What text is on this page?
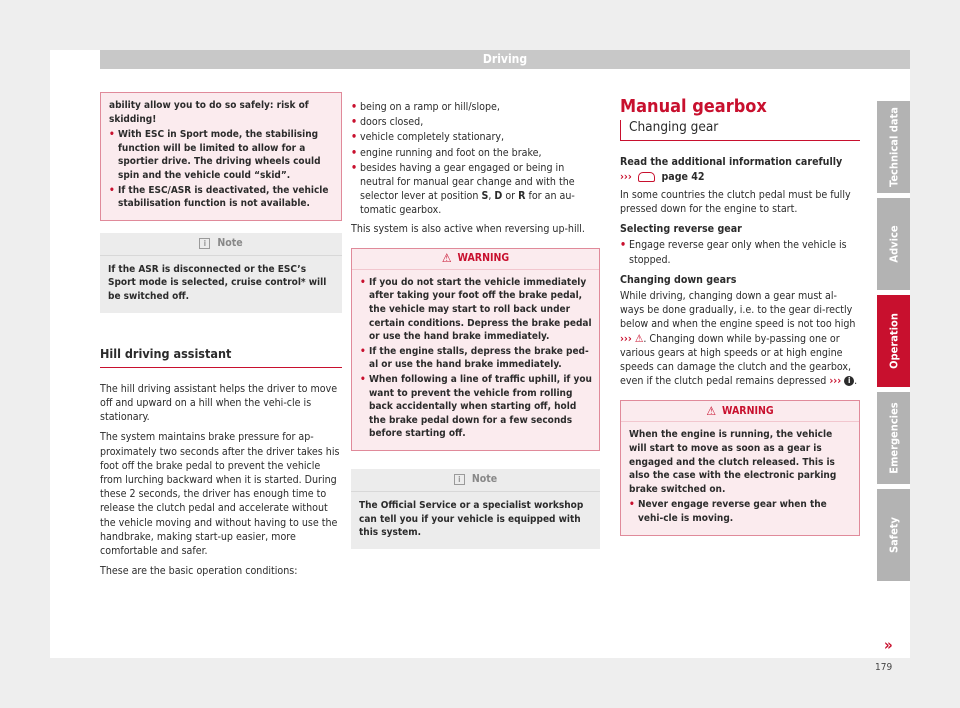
Driving

ability allow you to do so safely: risk of skidding!

• With ESC in Sport mode, the stabilising function will be limited to allow for a sportier drive. The driving wheels could spin and the vehicle could “skid”.
• If the ESC/ASR is deactivated, the vehicle stabilisation function is not available.
i	Note
If the ASR is disconnected or the ESC’s Sport mode is selected, cruise control* will be switched off.
Hill driving assistant

The hill driving assistant helps the driver to move off and upward on a hill when the vehi-cle is stationary.

The system maintains brake pressure for ap-proximately two seconds after the driver takes his foot off the brake pedal to prevent the vehicle from lurching backward when it is started. During these 2 seconds, the driver has enough time to release the clutch pedal and accelerate without the vehicle moving and without having to use the handbrake, making start-up easier, more comfortable and safer.

These are the basic operation conditions:

• being on a ramp or hill/slope,
• doors closed,
• vehicle completely stationary,
• engine running and foot on the brake,
• besides having a gear engaged or being in neutral for manual gear change and with the selector lever at position S, D or R for an au-tomatic gearbox.

This system is also active when reversing up-hill.

⚠ WARNING
• If you do not start the vehicle immediately after taking your foot off the brake pedal, the vehicle may start to roll back under certain conditions. Depress the brake pedal or use the hand brake immediately.
• If the engine stalls, depress the brake ped-al or use the hand brake immediately.
• When following a line of traffic uphill, if you want to prevent the vehicle from rolling back accidentally when starting off, hold the brake pedal down for a few seconds before starting off.
i	Note
The Official Service or a specialist workshop can tell you if your vehicle is equipped with this system.
Manual gearbox
Changing gear

Read the additional information carefully

›››	page 42

In some countries the clutch pedal must be fully pressed down for the engine to start.

Selecting reverse gear

• Engage reverse gear only when the vehicle is stopped.

Changing down gears

While driving, changing down a gear must al-ways be done gradually, i.e. to the gear di-rectly below and when the engine speed is not too high ››› ⚠. Changing down while by-passing one or various gears at high speeds or at high engine speeds can damage the clutch and the gearbox, even if the clutch pedal remains depressed ››› i .

⚠ WARNING

When the engine is running, the vehicle will start to move as soon as a gear is engaged and the clutch released. This is also the case with the electronic parking brake switched on.

• Never engage reverse gear when the vehi-cle is moving.
»
Technical data
Advice
Operation
Emergencies
Safety
179
